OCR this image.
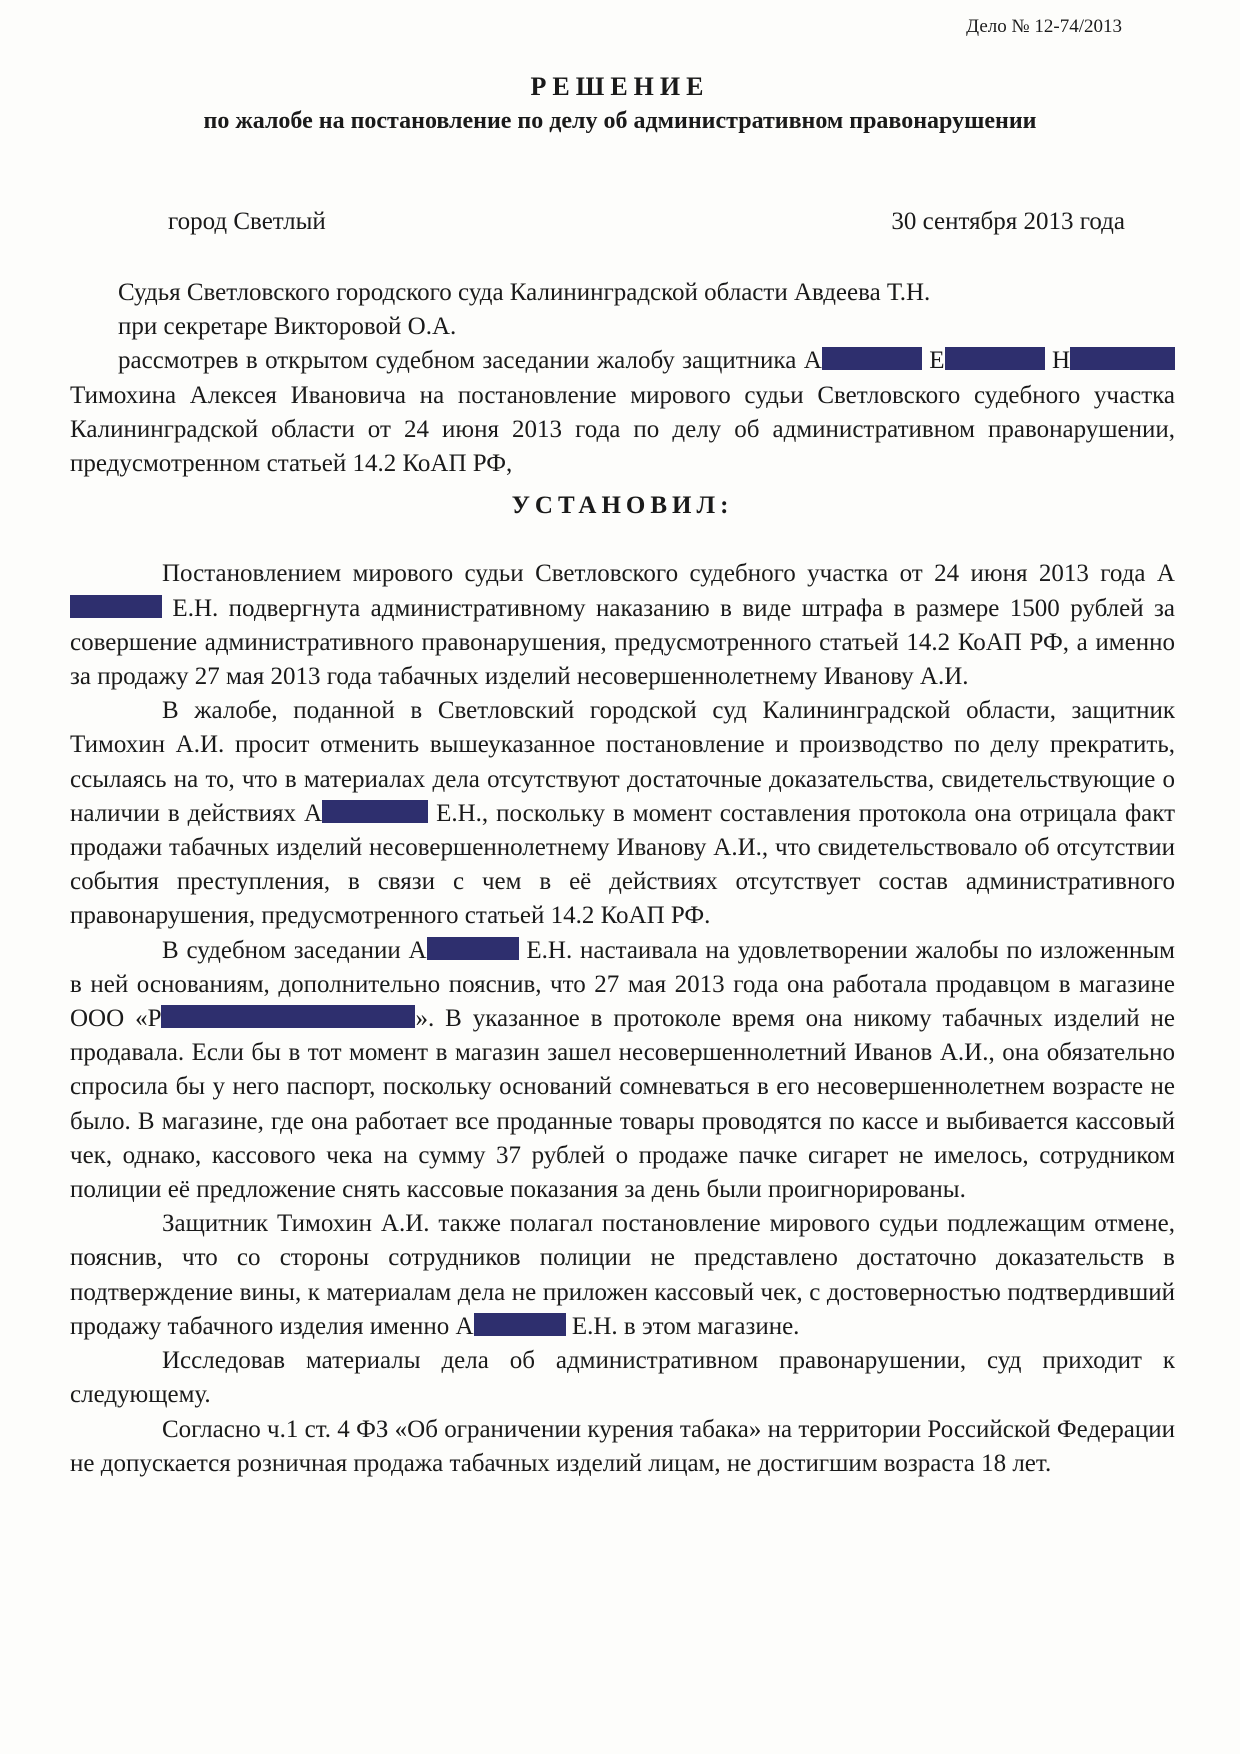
Дело № 12-74/2013
РЕШЕНИЕ
по жалобе на постановление по делу об административном правонарушении
город Светлый	30 сентября 2013 года

Судья Светловского городского суда Калининградской области Авдеева Т.Н.

при секретаре Викторовой О.А.

рассмотрев в открытом судебном заседании жалобу защитника А	Е	Н Тимохина Алексея Ивановича на постановление мирового судьи Светловского судебного участка Калининградской области от 24 июня 2013 года по делу об административном правонарушении, предусмотренном статьей 14.2 КоАП РФ,

УСТАНОВИЛ:

Постановлением мирового судьи Светловского судебного участка от 24 июня 2013 года А Е.Н. подвергнута административному наказанию в виде штрафа в размере 1500 рублей за совершение административного правонарушения, предусмотренного статьей 14.2 КоАП РФ, а именно за продажу 27 мая 2013 года табачных изделий несовершеннолетнему Иванову А.И.

В жалобе, поданной в Светловский городской суд Калининградской области, защитник Тимохин А.И. просит отменить вышеуказанное постановление и производство по делу прекратить, ссылаясь на то, что в материалах дела отсутствуют достаточные доказательства, свидетельствующие о наличии в действиях А	Е.Н., поскольку в момент составления протокола она отрицала факт продажи табачных изделий несовершеннолетнему Иванову А.И., что свидетельствовало об отсутствии события преступления, в связи с чем в её действиях отсутствует состав административного правонарушения, предусмотренного статьей 14.2 КоАП РФ.

В судебном заседании А	Е.Н. настаивала на удовлетворении жалобы по изложенным в ней основаниям, дополнительно пояснив, что 27 мая 2013 года она работала продавцом в магазине ООО «Р	». В указанное в протоколе время она никому табачных изделий не продавала. Если бы в тот момент в магазин зашел несовершеннолетний Иванов А.И., она обязательно спросила бы у него паспорт, поскольку оснований сомневаться в его несовершеннолетнем возрасте не было. В магазине, где она работает все проданные товары проводятся по кассе и выбивается кассовый чек, однако, кассового чека на сумму 37 рублей о продаже пачке сигарет не имелось, сотрудником полиции её предложение снять кассовые показания за день были проигнорированы.

Защитник Тимохин А.И. также полагал постановление мирового судьи подлежащим отмене, пояснив, что со стороны сотрудников полиции не представлено достаточно доказательств в подтверждение вины, к материалам дела не приложен кассовый чек, с достоверностью подтвердивший продажу табачного изделия именно А	Е.Н. в этом магазине.

Исследовав материалы дела об административном правонарушении, суд приходит к следующему.

Согласно ч.1 ст. 4 ФЗ «Об ограничении курения табака» на территории Российской Федерации не допускается розничная продажа табачных изделий лицам, не достигшим возраста 18 лет.
